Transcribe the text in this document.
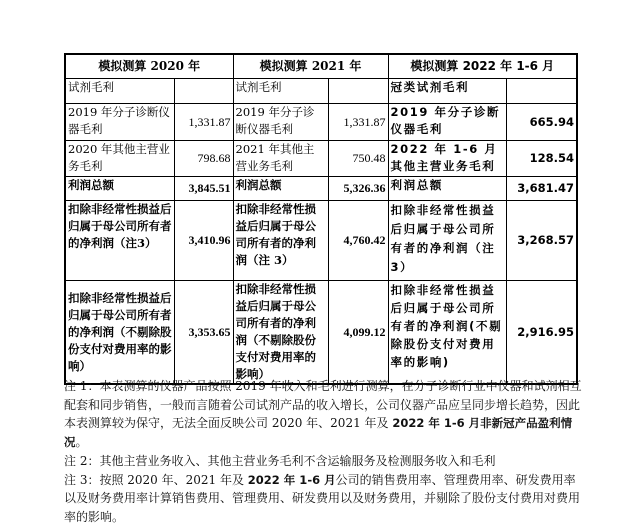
模拟测算 2020 年		模拟测算 2021 年		模拟测算 2022 年 1-6 月	
试剂毛利		试剂毛利		冠类试剂毛利	
2019 年分子诊断仪器毛利	1,331.87	2019 年分子诊断仪器毛利	1,331.87	2019 年分子诊断仪器毛利	665.94
2020 年其他主营业务毛利	798.68	2021 年其他主营业务毛利	750.48	2022 年 1-6 月其他主营业务毛利	128.54
利润总额	3,845.51	利润总额	5,326.36	利润总额	3,681.47
扣除非经常性损益后归属于母公司所有者的净利润（注3）	3,410.96	扣除非经常性损益后归属于母公司所有者的净利润（注 3）	4,760.42	扣除非经常性损益后归属于母公司所有者的净利润（注3）	3,268.57
扣除非经常性损益后归属于母公司所有者的净利润（不剔除股份支付对费用率的影响）	3,353.65	扣除非经常性损益后归属于母公司所有者的净利润（不剔除股份支付对费用率的影响）	4,099.12	扣除非经常性损益后归属于母公司所有者的净利润(不剔除股份支付对费用率的影响)	2,916.95

注 1：本表测算的仪器产品按照 2019 年收入和毛利进行测算，在分子诊断行业中仪器和试剂相互配套和同步销售，一般而言随着公司试剂产品的收入增长，公司仪器产品应呈同步增长趋势，因此本表测算较为保守，无法全面反映公司 2020 年、2021 年及 2022 年 1-6 月非新冠产品盈利情况。

注 2：其他主营业务收入、其他主营业务毛利不含运输服务及检测服务收入和毛利

注 3：按照 2020 年、2021 年及 2022 年 1-6 月公司的销售费用率、管理费用率、研发费用率以及财务费用率计算销售费用、管理费用、研发费用以及财务费用，并剔除了股份支付费用对费用率的影响。
